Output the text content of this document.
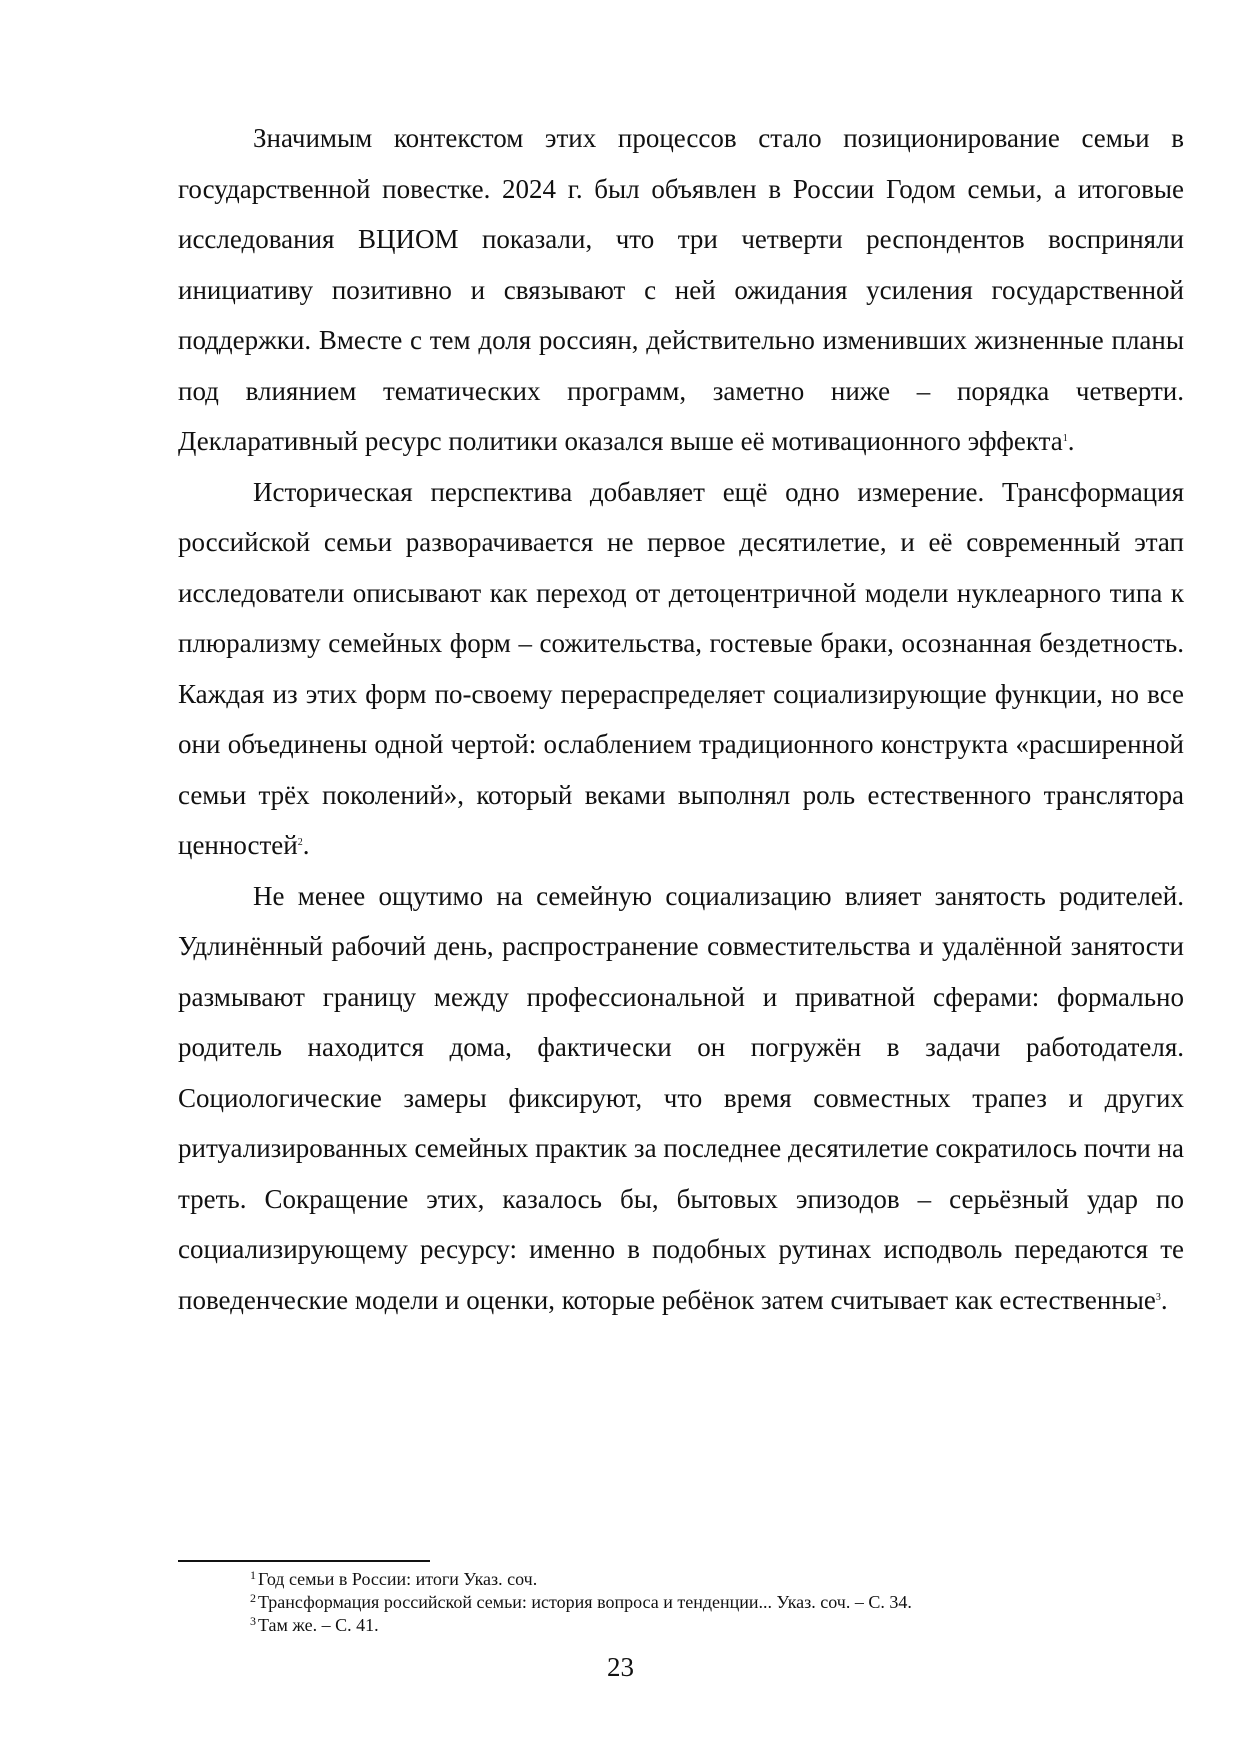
Значимым контекстом этих процессов стало позиционирование семьи в государственной повестке. 2024 г. был объявлен в России Годом семьи, а итоговые исследования ВЦИОМ показали, что три четверти респондентов восприняли инициативу позитивно и связывают с ней ожидания усиления государственной поддержки. Вместе с тем доля россиян, действительно изменивших жизненные планы под влиянием тематических программ, заметно ниже – порядка четверти. Декларативный ресурс политики оказался выше её мотивационного эффекта$^1$.

Историческая перспектива добавляет ещё одно измерение. Трансформация российской семьи разворачивается не первое десятилетие, и её современный этап исследователи описывают как переход от детоцентричной модели нуклеарного типа к плюрализму семейных форм – сожительства, гостевые браки, осознанная бездетность. Каждая из этих форм по-своему перераспределяет социализирующие функции, но все они объединены одной чертой: ослаблением традиционного конструкта «расширенной семьи трёх поколений», который веками выполнял роль естественного транслятора ценностей$^2$.

Не менее ощутимо на семейную социализацию влияет занятость родителей. Удлинённый рабочий день, распространение совместительства и удалённой занятости размывают границу между профессиональной и приватной сферами: формально родитель находится дома, фактически он погружён в задачи работодателя. Социологические замеры фиксируют, что время совместных трапез и других ритуализированных семейных практик за последнее десятилетие сократилось почти на треть. Сокращение этих, казалось бы, бытовых эпизодов – серьёзный удар по социализирующему ресурсу: именно в подобных рутинах исподволь передаются те поведенческие модели и оценки, которые ребёнок затем считывает как естественные$^3$.

$^1$ Год семьи в России: итоги Указ. соч.

$^2$ Трансформация российской семьи: история вопроса и тенденции... Указ. соч. – С. 34.

$^3$ Там же. – С. 41.

23
